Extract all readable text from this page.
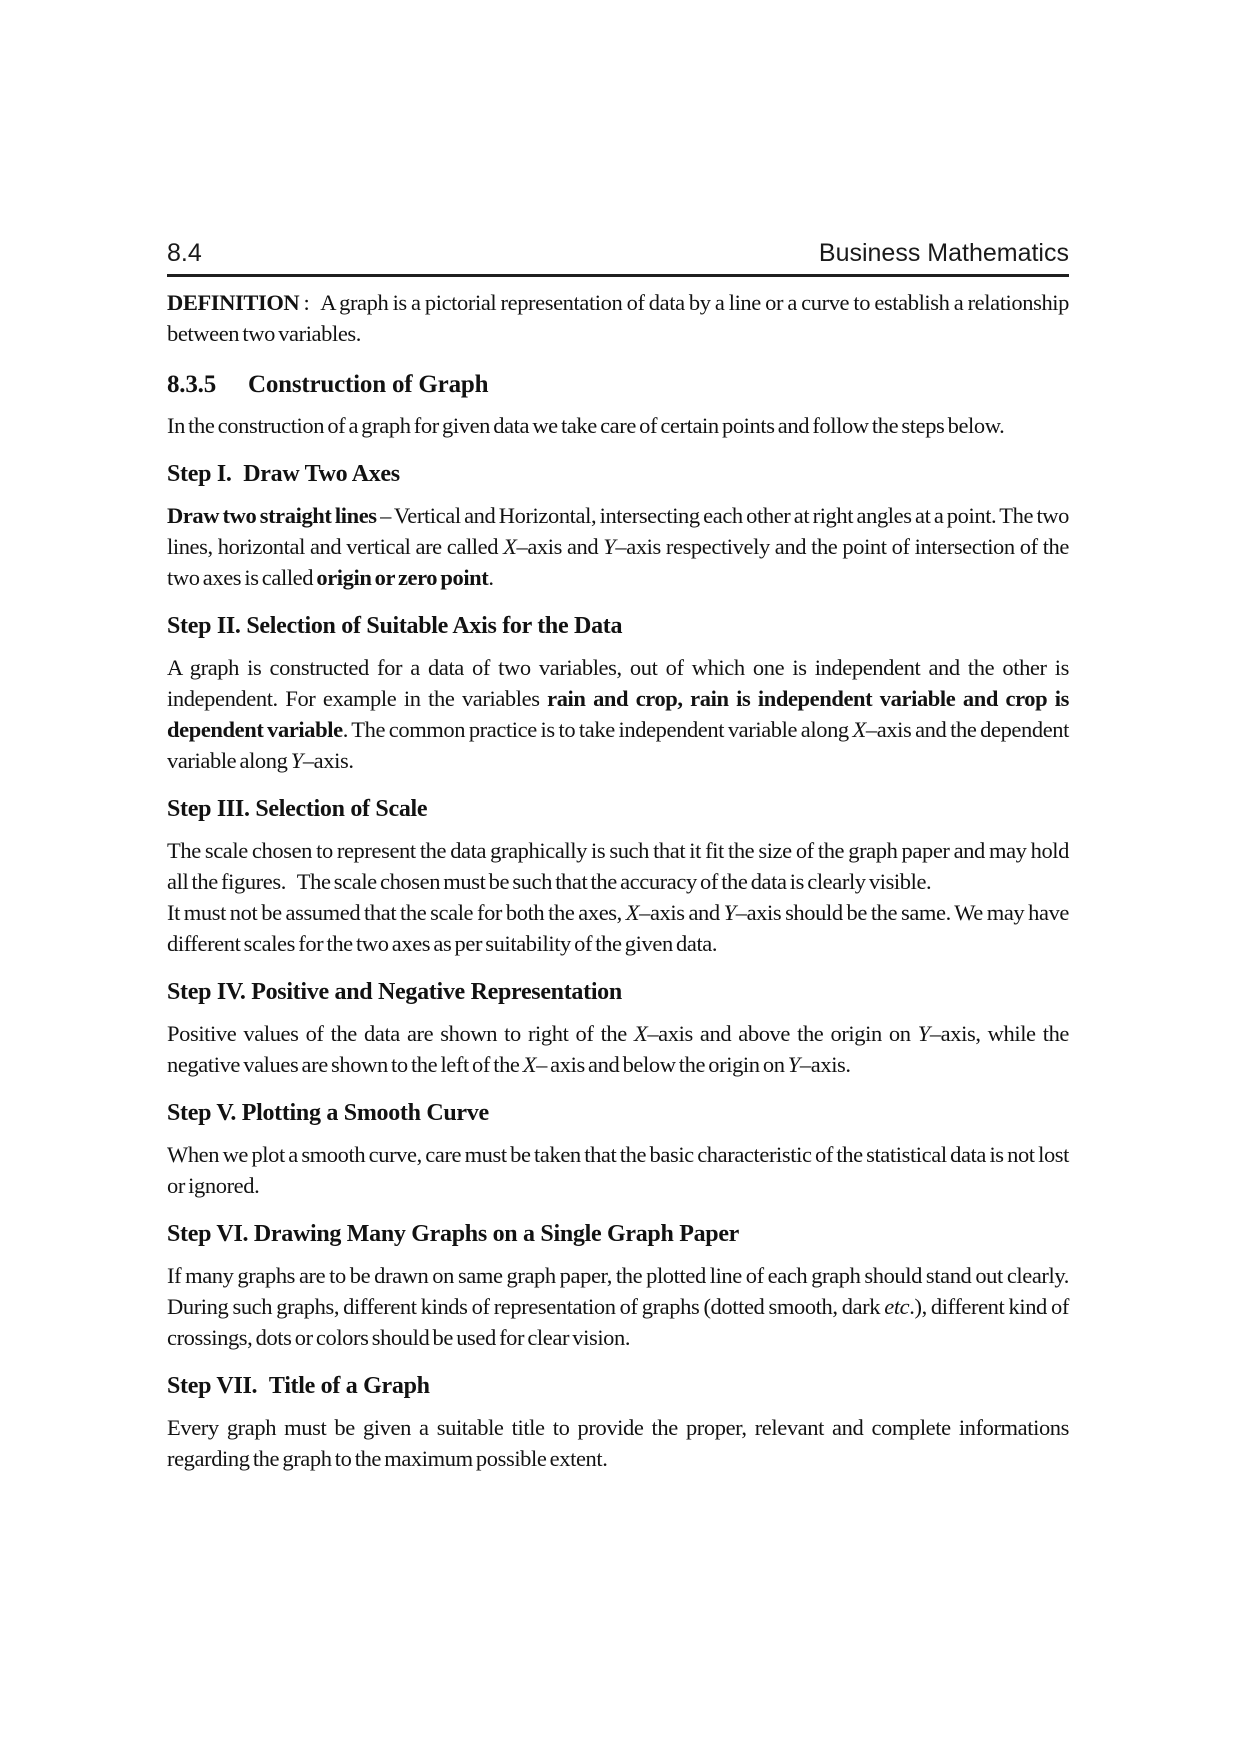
8.4	Business Mathematics

DEFINITION : A graph is a pictorial representation of data by a line or a curve to establish a relationship between two variables.

8.3.5 Construction of Graph

In the construction of a graph for given data we take care of certain points and follow the steps below.

Step I. Draw Two Axes

Draw two straight lines – Vertical and Horizontal, intersecting each other at right angles at a point. The two lines, horizontal and vertical are called X–axis and Y–axis respectively and the point of intersection of the two axes is called origin or zero point.

Step II. Selection of Suitable Axis for the Data

A graph is constructed for a data of two variables, out of which one is independent and the other is independent. For example in the variables rain and crop, rain is independent variable and crop is dependent variable. The common practice is to take independent variable along X–axis and the dependent variable along Y–axis.

Step III. Selection of Scale

The scale chosen to represent the data graphically is such that it fit the size of the graph paper and may hold all the figures. The scale chosen must be such that the accuracy of the data is clearly visible.

It must not be assumed that the scale for both the axes, X–axis and Y–axis should be the same. We may have different scales for the two axes as per suitability of the given data.

Step IV. Positive and Negative Representation

Positive values of the data are shown to right of the X–axis and above the origin on Y–axis, while the negative values are shown to the left of the X– axis and below the origin on Y–axis.

Step V. Plotting a Smooth Curve

When we plot a smooth curve, care must be taken that the basic characteristic of the statistical data is not lost or ignored.

Step VI. Drawing Many Graphs on a Single Graph Paper

If many graphs are to be drawn on same graph paper, the plotted line of each graph should stand out clearly. During such graphs, different kinds of representation of graphs (dotted smooth, dark etc.), different kind of crossings, dots or colors should be used for clear vision.

Step VII. Title of a Graph

Every graph must be given a suitable title to provide the proper, relevant and complete informations regarding the graph to the maximum possible extent.
